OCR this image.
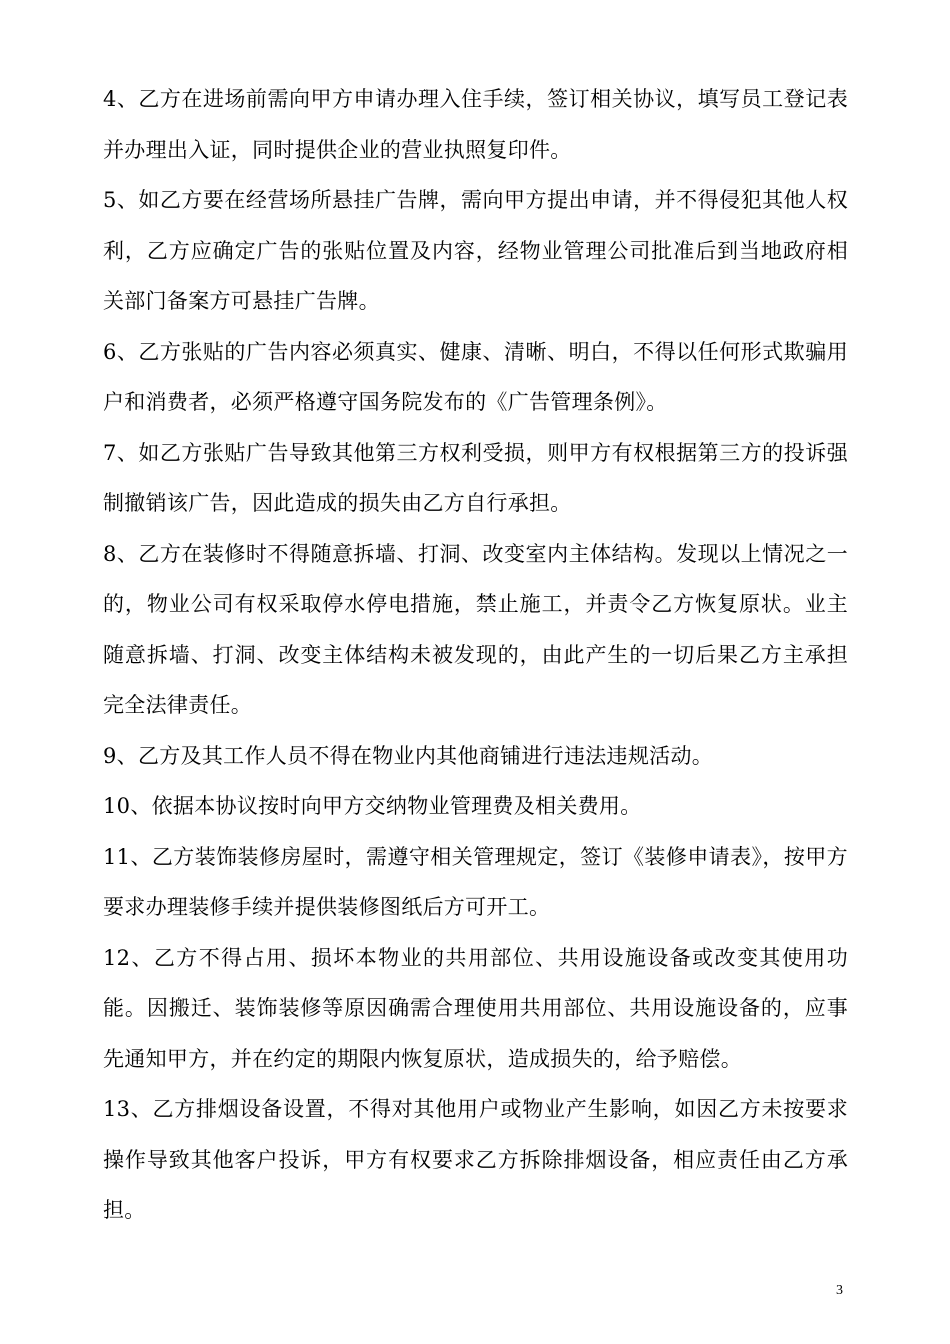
4、乙方在进场前需向甲方申请办理入住手续，签订相关协议，填写员工登记表并办理出入证，同时提供企业的营业执照复印件。

5、如乙方要在经营场所悬挂广告牌，需向甲方提出申请，并不得侵犯其他人权利，乙方应确定广告的张贴位置及内容，经物业管理公司批准后到当地政府相关部门备案方可悬挂广告牌。

6、乙方张贴的广告内容必须真实、健康、清晰、明白，不得以任何形式欺骗用户和消费者，必须严格遵守国务院发布的《广告管理条例》。

7、如乙方张贴广告导致其他第三方权利受损，则甲方有权根据第三方的投诉强制撤销该广告，因此造成的损失由乙方自行承担。

8、乙方在装修时不得随意拆墙、打洞、改变室内主体结构。发现以上情况之一的，物业公司有权采取停水停电措施，禁止施工，并责令乙方恢复原状。业主随意拆墙、打洞、改变主体结构未被发现的，由此产生的一切后果乙方主承担完全法律责任。

9、乙方及其工作人员不得在物业内其他商铺进行违法违规活动。

10、依据本协议按时向甲方交纳物业管理费及相关费用。

11、乙方装饰装修房屋时，需遵守相关管理规定，签订《装修申请表》，按甲方要求办理装修手续并提供装修图纸后方可开工。

12、乙方不得占用、损坏本物业的共用部位、共用设施设备或改变其使用功能。因搬迁、装饰装修等原因确需合理使用共用部位、共用设施设备的，应事先通知甲方，并在约定的期限内恢复原状，造成损失的，给予赔偿。

13、乙方排烟设备设置，不得对其他用户或物业产生影响，如因乙方未按要求操作导致其他客户投诉，甲方有权要求乙方拆除排烟设备，相应责任由乙方承担。

3
